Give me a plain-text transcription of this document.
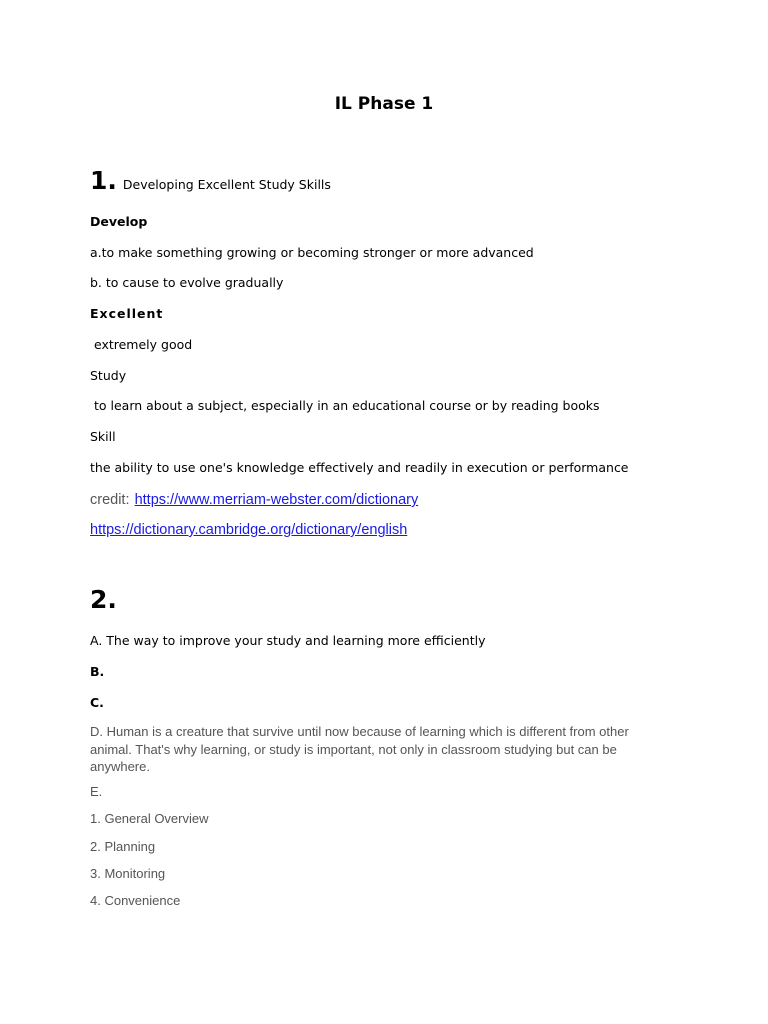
IL Phase 1
1. Developing Excellent Study Skills
Develop
a.to make something growing or becoming stronger or more advanced
b. to cause to evolve gradually
Excellent
extremely good
Study
to learn about a subject, especially in an educational course or by reading books
Skill
the ability to use one's knowledge effectively and readily in execution or performance
credit: https://www.merriam-webster.com/dictionary
https://dictionary.cambridge.org/dictionary/english
2.
A. The way to improve your study and learning more efficiently
B.
C.
D. Human is a creature that survive until now because of learning which is different from other animal. That's why learning, or study is important, not only in classroom studying but can be anywhere.
E.
1. General Overview
2. Planning
3. Monitoring
4. Convenience
